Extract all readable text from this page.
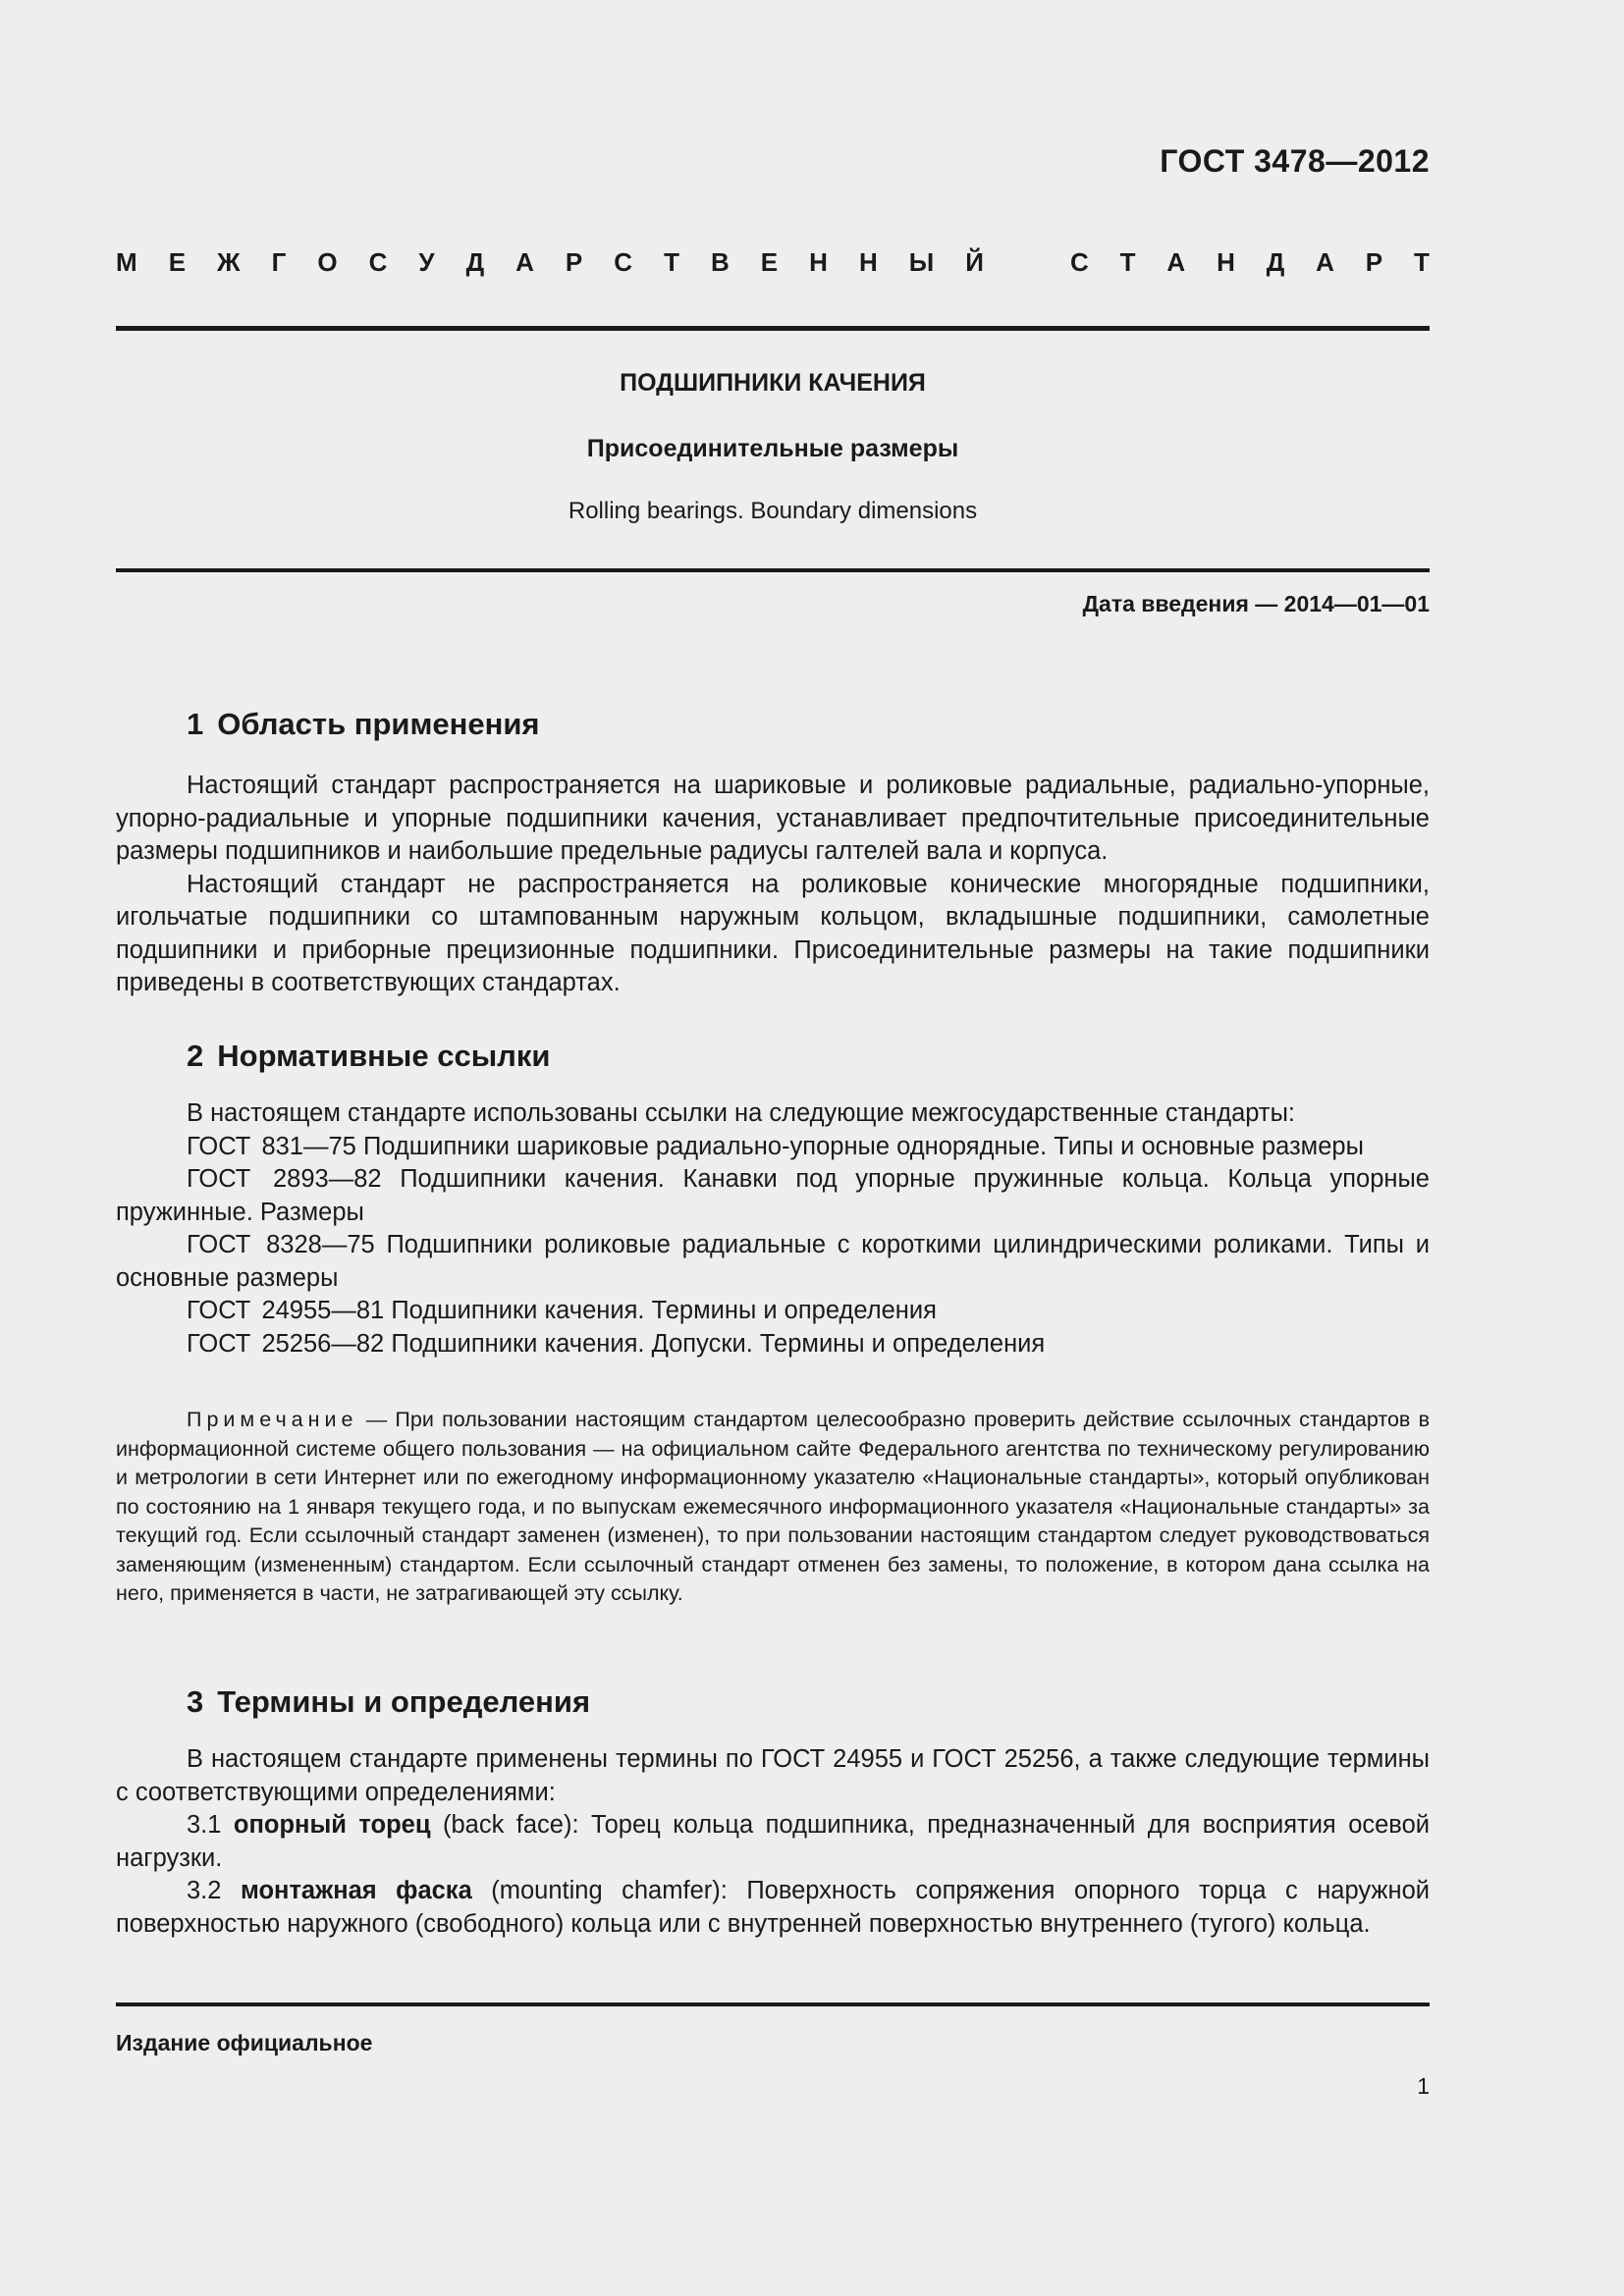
ГОСТ 3478—2012
М Е Ж Г О С У Д А Р С Т В Е Н Н Ы Й	С Т А Н Д А Р Т
ПОДШИПНИКИ КАЧЕНИЯ
Присоединительные размеры
Rolling bearings. Boundary dimensions
Дата введения — 2014—01—01
1 Область применения

Настоящий стандарт распространяется на шариковые и роликовые радиальные, радиально-упорные, упорно-радиальные и упорные подшипники качения, устанавливает предпочтительные присоединительные размеры подшипников и наибольшие предельные радиусы галтелей вала и корпуса.

Настоящий стандарт не распространяется на роликовые конические многорядные подшипники, игольчатые подшипники со штампованным наружным кольцом, вкладышные подшипники, самолетные подшипники и приборные прецизионные подшипники. Присоединительные размеры на такие подшипники приведены в соответствующих стандартах.

2 Нормативные ссылки

В настоящем стандарте использованы ссылки на следующие межгосударственные стандарты:

ГОСТ 831—75 Подшипники шариковые радиально-упорные однорядные. Типы и основные размеры

ГОСТ 2893—82 Подшипники качения. Канавки под упорные пружинные кольца. Кольца упорные пружинные. Размеры

ГОСТ 8328—75 Подшипники роликовые радиальные с короткими цилиндрическими роликами. Типы и основные размеры

ГОСТ 24955—81 Подшипники качения. Термины и определения

ГОСТ 25256—82 Подшипники качения. Допуски. Термины и определения

Примечание — При пользовании настоящим стандартом целесообразно проверить действие ссылочных стандартов в информационной системе общего пользования — на официальном сайте Федерального агентства по техническому регулированию и метрологии в сети Интернет или по ежегодному информационному указателю «Национальные стандарты», который опубликован по состоянию на 1 января текущего года, и по выпускам ежемесячного информационного указателя «Национальные стандарты» за текущий год. Если ссылочный стандарт заменен (изменен), то при пользовании настоящим стандартом следует руководствоваться заменяющим (измененным) стандартом. Если ссылочный стандарт отменен без замены, то положение, в котором дана ссылка на него, применяется в части, не затрагивающей эту ссылку.

3 Термины и определения

В настоящем стандарте применены термины по ГОСТ 24955 и ГОСТ 25256, а также следующие термины с соответствующими определениями:

3.1 опорный торец (back face): Торец кольца подшипника, предназначенный для восприятия осевой нагрузки.

3.2 монтажная фаска (mounting chamfer): Поверхность сопряжения опорного торца с наружной поверхностью наружного (свободного) кольца или с внутренней поверхностью внутреннего (тугого) кольца.

Издание официальное
1
